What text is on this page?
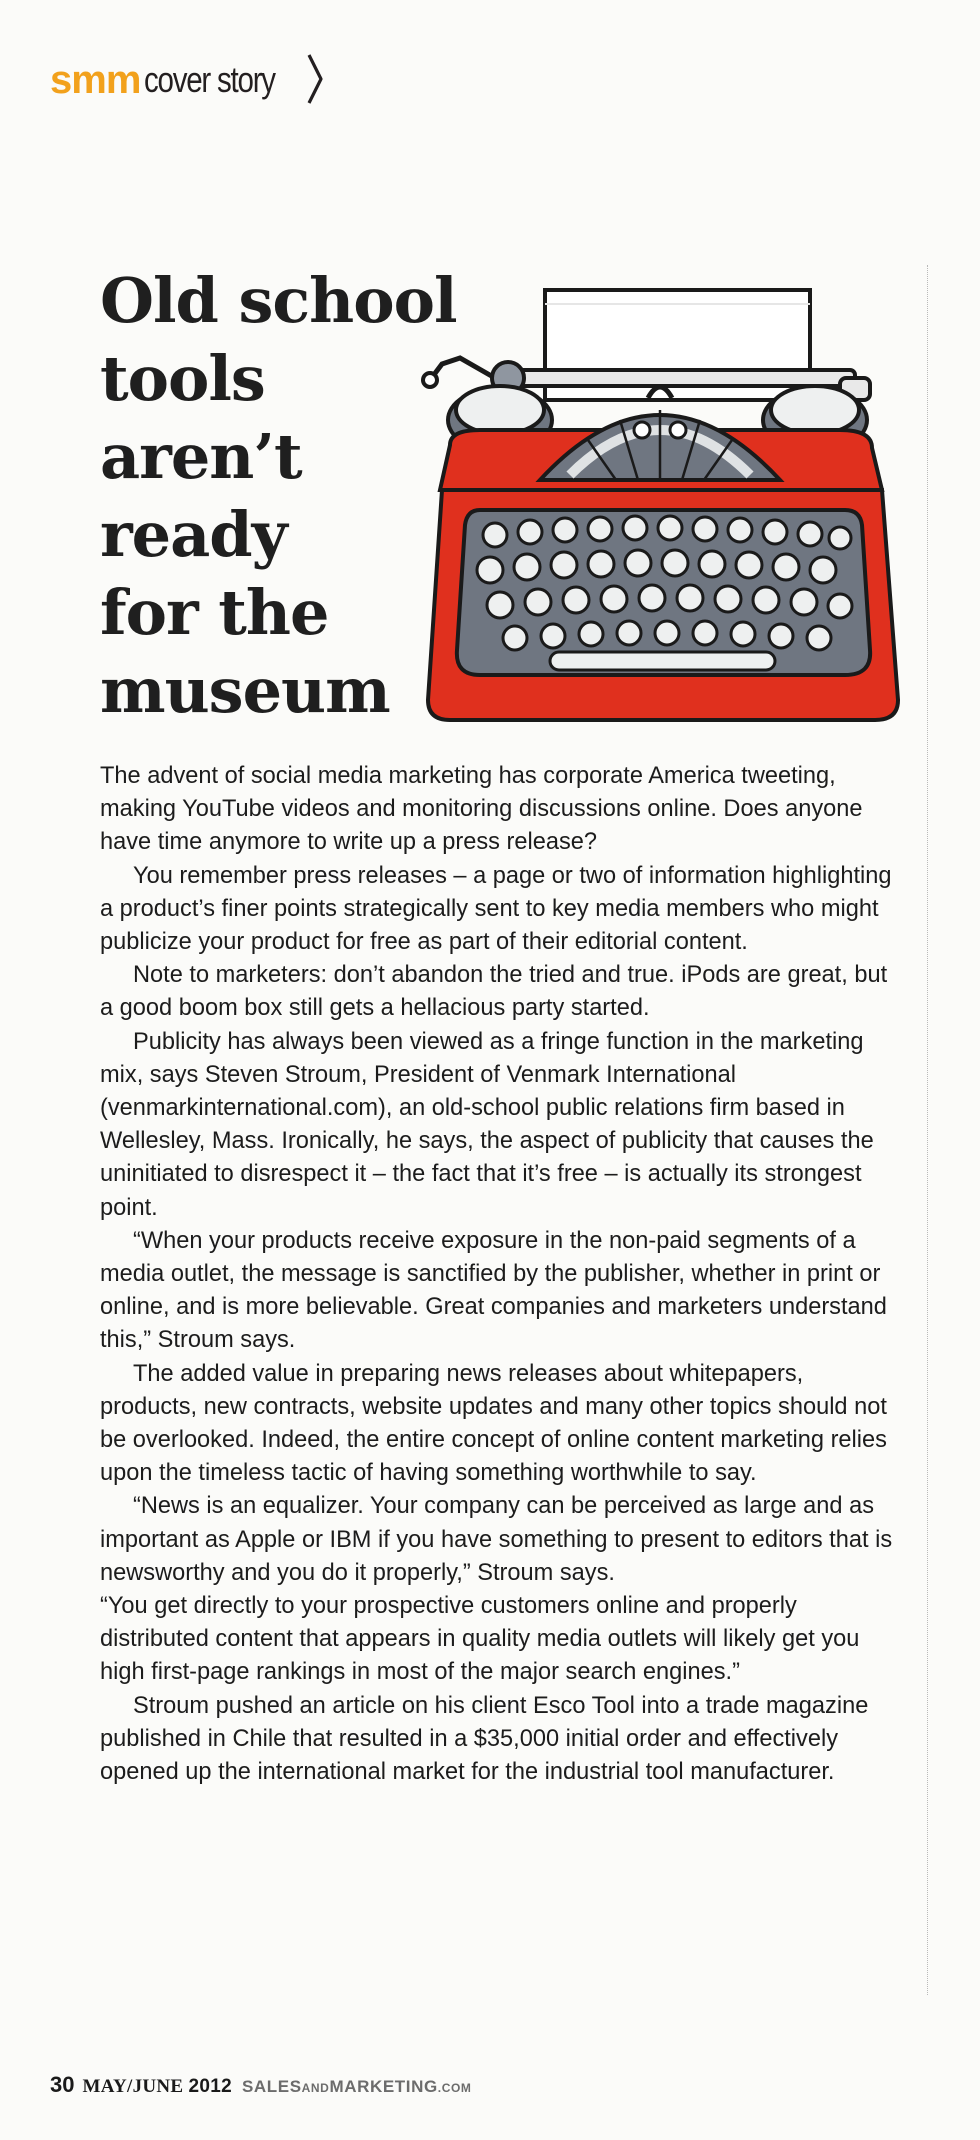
smm cover story
Old school
tools
aren’t
ready
for the
museum

The advent of social media marketing has corporate America tweeting, making YouTube videos and monitoring discussions online. Does anyone have time anymore to write up a press release?

You remember press releases – a page or two of information highlighting a product’s finer points strategically sent to key media members who might publicize your product for free as part of their editorial content.

Note to marketers: don’t abandon the tried and true. iPods are great, but a good boom box still gets a hellacious party started.

Publicity has always been viewed as a fringe function in the marketing mix, says Steven Stroum, President of Venmark International (venmarkinternational.com), an old-school public relations firm based in Wellesley, Mass. Ironically, he says, the aspect of publicity that causes the uninitiated to disrespect it – the fact that it’s free – is actually its strongest point.

“When your products receive exposure in the non-paid segments of a media outlet, the message is sanctified by the publisher, whether in print or online, and is more believable. Great companies and marketers understand this,” Stroum says.

The added value in preparing news releases about whitepapers, products, new contracts, website updates and many other topics should not be overlooked. Indeed, the entire concept of online content marketing relies upon the timeless tactic of having something worthwhile to say.

“News is an equalizer. Your company can be perceived as large and as important as Apple or IBM if you have something to present to editors that is newsworthy and you do it properly,” Stroum says.

“You get directly to your prospective customers online and properly distributed content that appears in quality media outlets will likely get you high first-page rankings in most of the major search engines.”

Stroum pushed an article on his client Esco Tool into a trade magazine published in Chile that resulted in a $35,000 initial order and effectively opened up the international market for the industrial tool manufacturer.

30 MAY/JUNE 2012 SALESANDMARKETING.COM
